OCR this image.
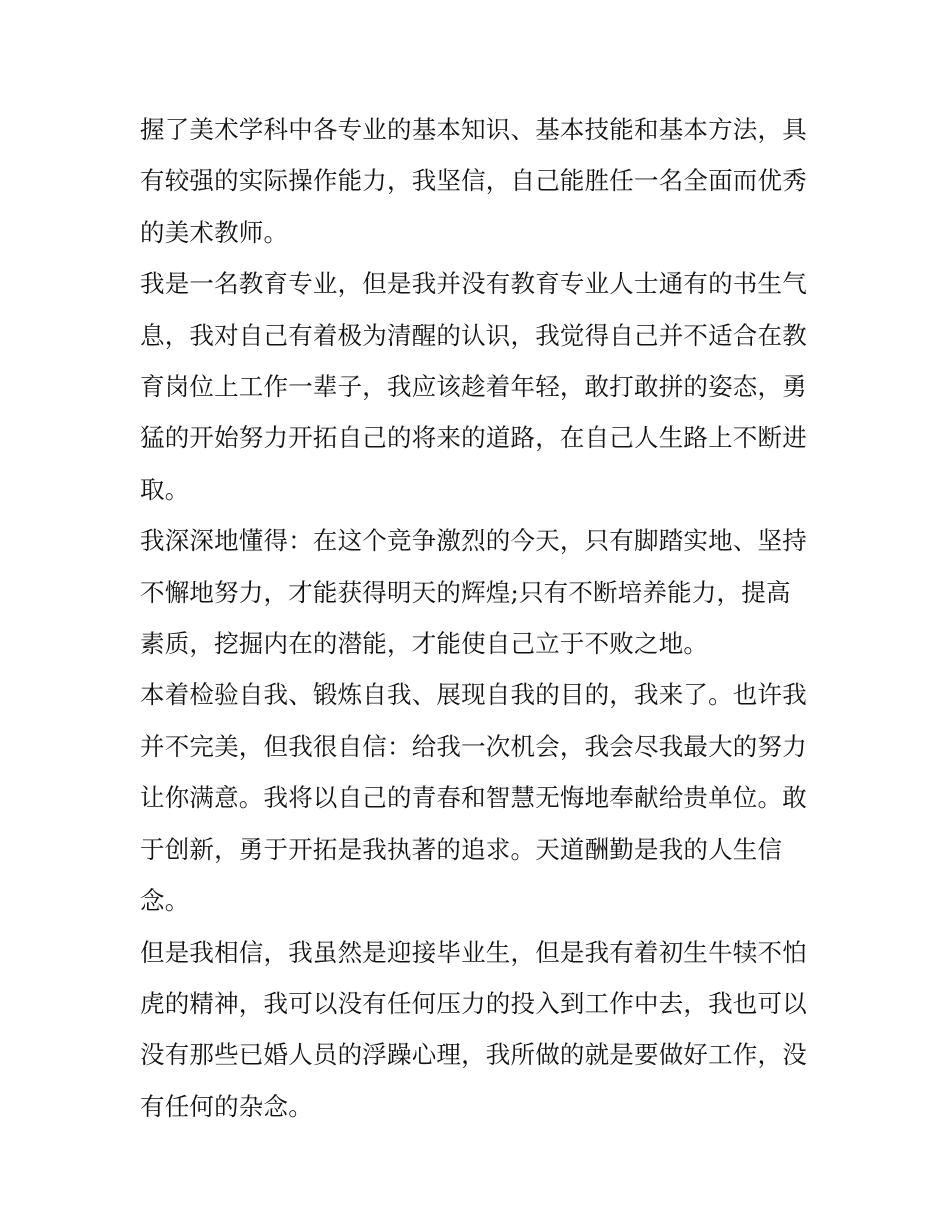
握了美术学科中各专业的基本知识、基本技能和基本方法，具有较强的实际操作能力，我坚信，自己能胜任一名全面而优秀的美术教师。

我是一名教育专业，但是我并没有教育专业人士通有的书生气息，我对自己有着极为清醒的认识，我觉得自己并不适合在教育岗位上工作一辈子，我应该趁着年轻，敢打敢拼的姿态，勇猛的开始努力开拓自己的将来的道路，在自己人生路上不断进取。

我深深地懂得：在这个竞争激烈的今天，只有脚踏实地、坚持不懈地努力，才能获得明天的辉煌;只有不断培养能力，提高素质，挖掘内在的潜能，才能使自己立于不败之地。

本着检验自我、锻炼自我、展现自我的目的，我来了。也许我并不完美，但我很自信：给我一次机会，我会尽我最大的努力让你满意。我将以自己的青春和智慧无悔地奉献给贵单位。敢于创新，勇于开拓是我执著的追求。天道酬勤是我的人生信念。

但是我相信，我虽然是迎接毕业生，但是我有着初生牛犊不怕虎的精神，我可以没有任何压力的投入到工作中去，我也可以没有那些已婚人员的浮躁心理，我所做的就是要做好工作，没有任何的杂念。
